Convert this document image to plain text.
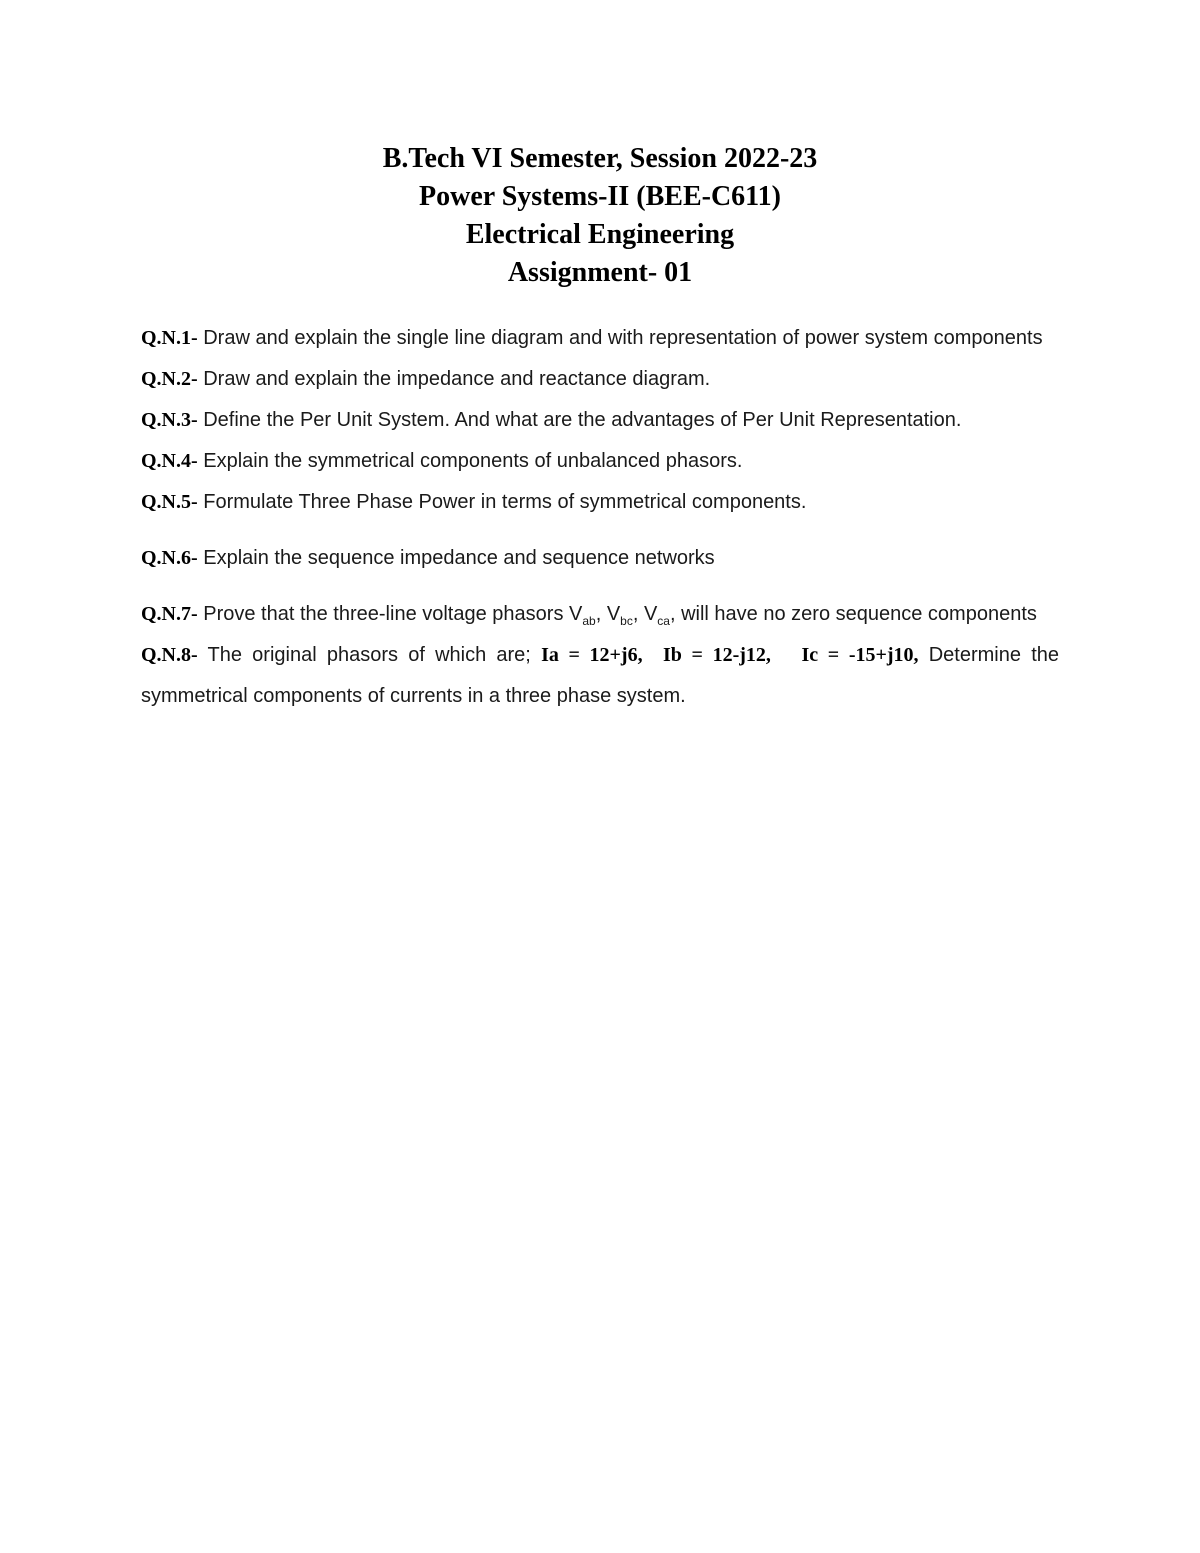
B.Tech VI Semester, Session 2022-23

Power Systems-II (BEE-C611)

Electrical Engineering

Assignment- 01

Q.N.1- Draw and explain the single line diagram and with representation of power system components

Q.N.2- Draw and explain the impedance and reactance diagram.

Q.N.3- Define the Per Unit System. And what are the advantages of Per Unit Representation.

Q.N.4- Explain the symmetrical components of unbalanced phasors.

Q.N.5- Formulate Three Phase Power in terms of symmetrical components.

Q.N.6- Explain the sequence impedance and sequence networks

Q.N.7- Prove that the three-line voltage phasors $V_{ab}$, $V_{bc}$, $V_{ca}$, will have no zero sequence components

Q.N.8- The original phasors of which are; Ia = 12+j6, Ib = 12-j12, Ic = -15+j10, Determine the symmetrical components of currents in a three phase system.
